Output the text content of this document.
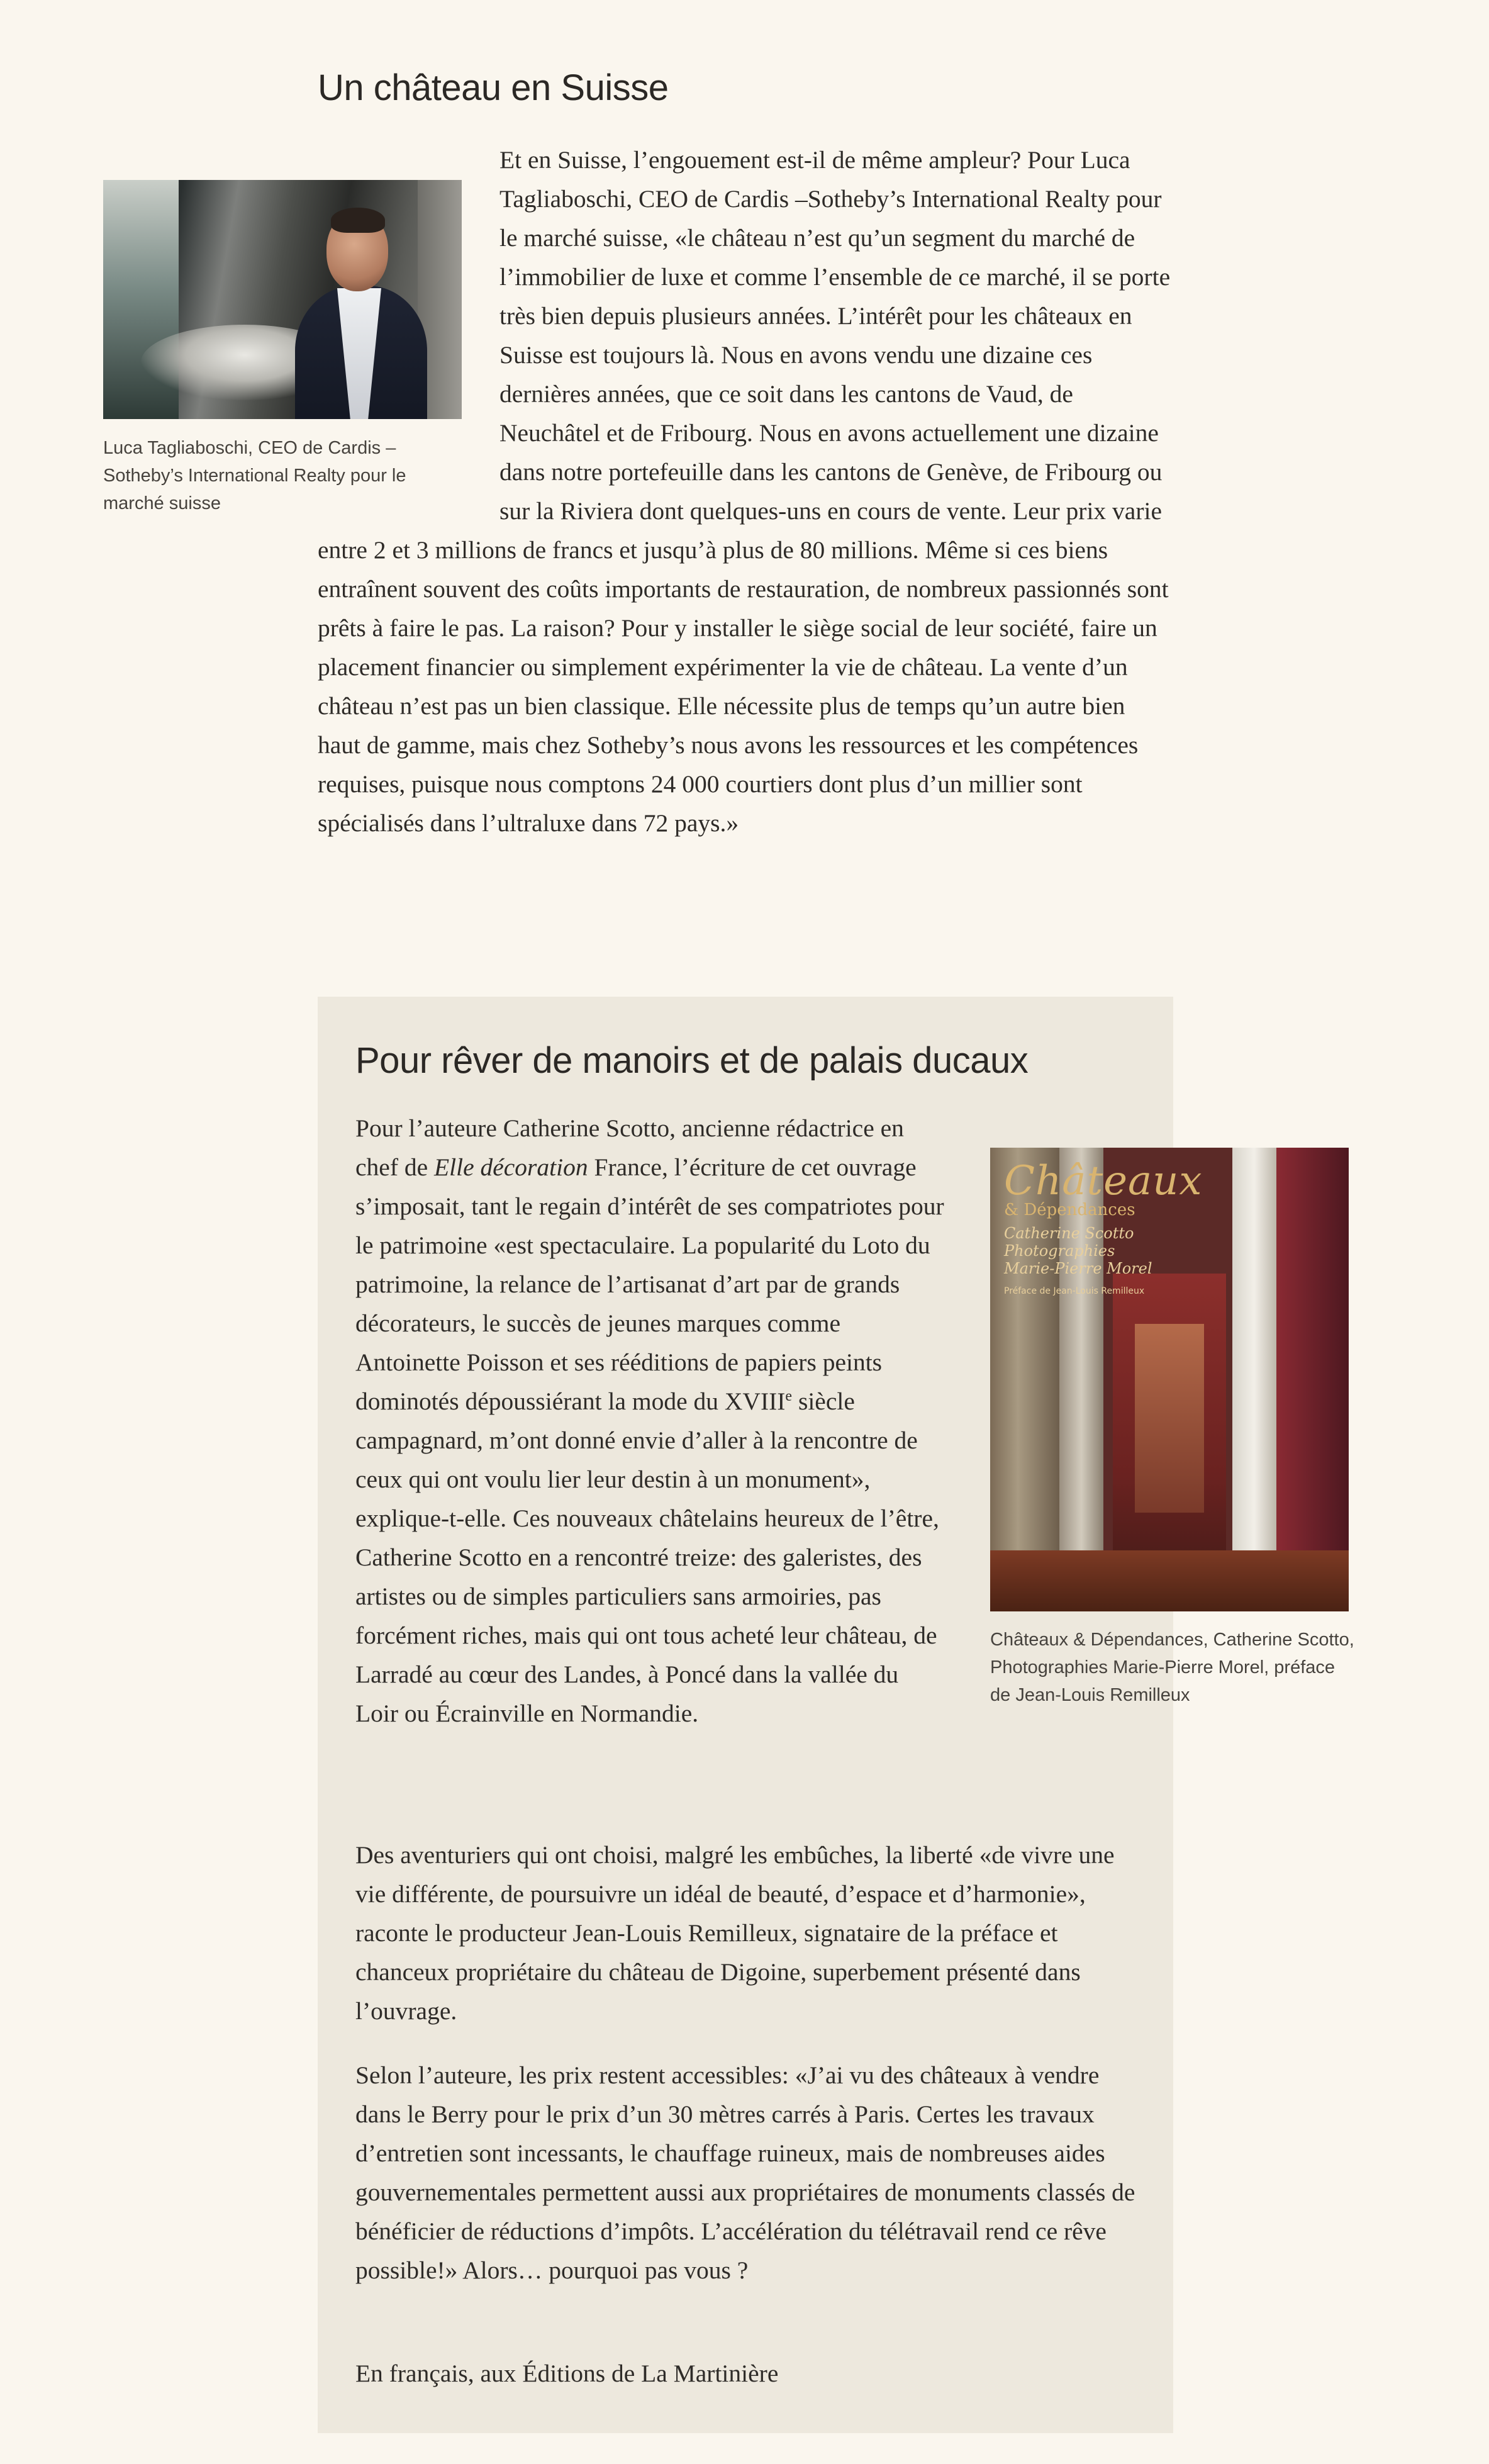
Un château en Suisse

Luca Tagliaboschi, CEO de Cardis – Sotheby’s International Realty pour le marché suisse

Et en Suisse, l’engouement est-il de même ampleur? Pour Luca Tagliaboschi, CEO de Cardis –Sotheby’s International Realty pour le marché suisse, «le château n’est qu’un segment du marché de l’immobilier de luxe et comme l’ensemble de ce marché, il se porte très bien depuis plusieurs années. L’intérêt pour les châteaux en Suisse est toujours là. Nous en avons vendu une dizaine ces dernières années, que ce soit dans les cantons de Vaud, de Neuchâtel et de Fribourg. Nous en avons actuellement une dizaine dans notre portefeuille dans les cantons de Genève, de Fribourg ou sur la Riviera dont quelques-uns en cours de vente. Leur prix varie entre 2 et 3 millions de francs et jusqu’à plus de 80 millions. Même si ces biens entraînent souvent des coûts importants de restauration, de nombreux passionnés sont prêts à faire le pas. La raison? Pour y installer le siège social de leur société, faire un placement financier ou simplement expérimenter la vie de château. La vente d’un château n’est pas un bien classique. Elle nécessite plus de temps qu’un autre bien haut de gamme, mais chez Sotheby’s nous avons les ressources et les compétences requises, puisque nous comptons 24 000 courtiers dont plus d’un millier sont spécialisés dans l’ultraluxe dans 72 pays.»

Pour rêver de manoirs et de palais ducaux

Châteaux

& Dépendances

Catherine Scotto

Photographies

Marie-Pierre Morel

Préface de Jean-Louis Remilleux

Châteaux & Dépendances, Catherine Scotto, Photographies Marie-Pierre Morel, préface de Jean-Louis Remilleux

Pour l’auteure Catherine Scotto, ancienne rédactrice en chef de Elle décoration France, l’écriture de cet ouvrage s’imposait, tant le regain d’intérêt de ses compatriotes pour le patrimoine «est spectaculaire. La popularité du Loto du patrimoine, la relance de l’artisanat d’art par de grands décorateurs, le succès de jeunes marques comme Antoinette Poisson et ses rééditions de papiers peints dominotés dépoussiérant la mode du XVIIIe siècle campagnard, m’ont donné envie d’aller à la rencontre de ceux qui ont voulu lier leur destin à un monument», explique-t-elle. Ces nouveaux châtelains heureux de l’être, Catherine Scotto en a rencontré treize: des galeristes, des artistes ou de simples particuliers sans armoiries, pas forcément riches, mais qui ont tous acheté leur château, de Larradé au cœur des Landes, à Poncé dans la vallée du Loir ou Écrainville en Normandie.

Des aventuriers qui ont choisi, malgré les embûches, la liberté «de vivre une vie différente, de poursuivre un idéal de beauté, d’espace et d’harmonie», raconte le producteur Jean-Louis Remilleux, signataire de la préface et chanceux propriétaire du château de Digoine, superbement présenté dans l’ouvrage.

Selon l’auteure, les prix restent accessibles: «J’ai vu des châteaux à vendre dans le Berry pour le prix d’un 30 mètres carrés à Paris. Certes les travaux d’entretien sont incessants, le chauffage ruineux, mais de nombreuses aides gouvernementales permettent aussi aux propriétaires de monuments classés de bénéficier de réductions d’impôts. L’accélération du télétravail rend ce rêve possible!» Alors… pourquoi pas vous ?

En français, aux Éditions de La Martinière
